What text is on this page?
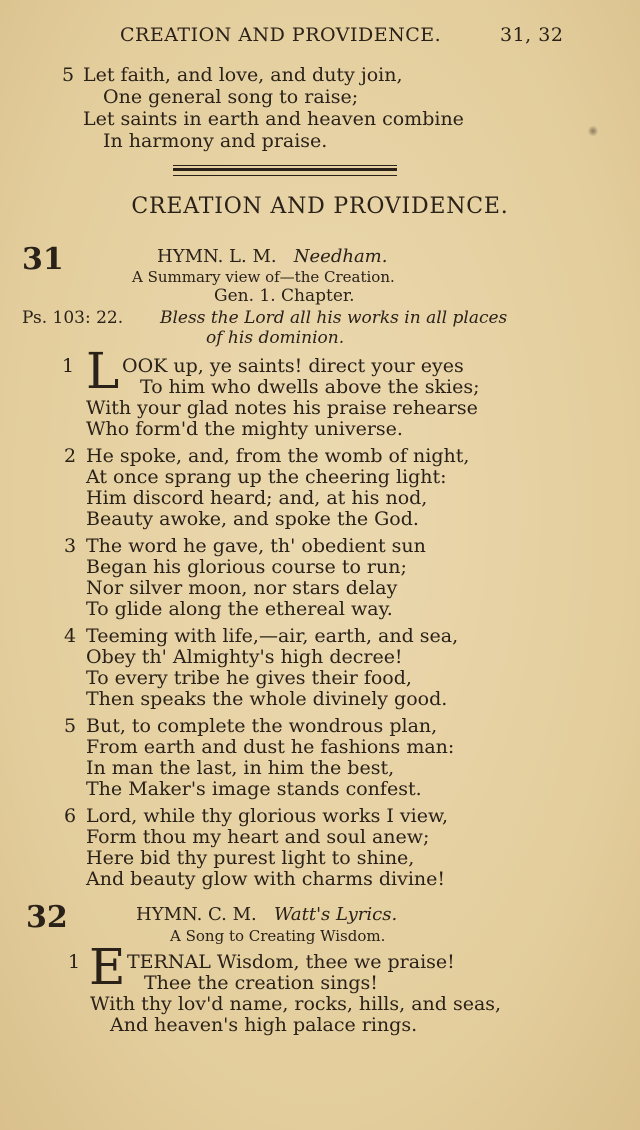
CREATION AND PROVIDENCE.	31, 32
5 Let faith, and love, and duty join,
One general song to raise;
Let saints in earth and heaven combine
In harmony and praise.
CREATION AND PROVIDENCE.
31	HYMN. L. M. Needham.
A Summary view of—the Creation.
Gen. 1. Chapter.
Ps. 103: 22. Bless the Lord all his works in all places
of his dominion.
1 L OOK up, ye saints! direct your eyes
To him who dwells above the skies;
With your glad notes his praise rehearse
Who form'd the mighty universe.
2 He spoke, and, from the womb of night,
At once sprang up the cheering light:
Him discord heard; and, at his nod,
Beauty awoke, and spoke the God.
3 The word he gave, th' obedient sun
Began his glorious course to run;
Nor silver moon, nor stars delay
To glide along the ethereal way.
4 Teeming with life,—air, earth, and sea,
Obey th' Almighty's high decree!
To every tribe he gives their food,
Then speaks the whole divinely good.
5 But, to complete the wondrous plan,
From earth and dust he fashions man:
In man the last, in him the best,
The Maker's image stands confest.
6 Lord, while thy glorious works I view,
Form thou my heart and soul anew;
Here bid thy purest light to shine,
And beauty glow with charms divine!
32	HYMN. C. M. Watt's Lyrics.
A Song to Creating Wisdom.
1 E TERNAL Wisdom, thee we praise!
Thee the creation sings!
With thy lov'd name, rocks, hills, and seas,
And heaven's high palace rings.
